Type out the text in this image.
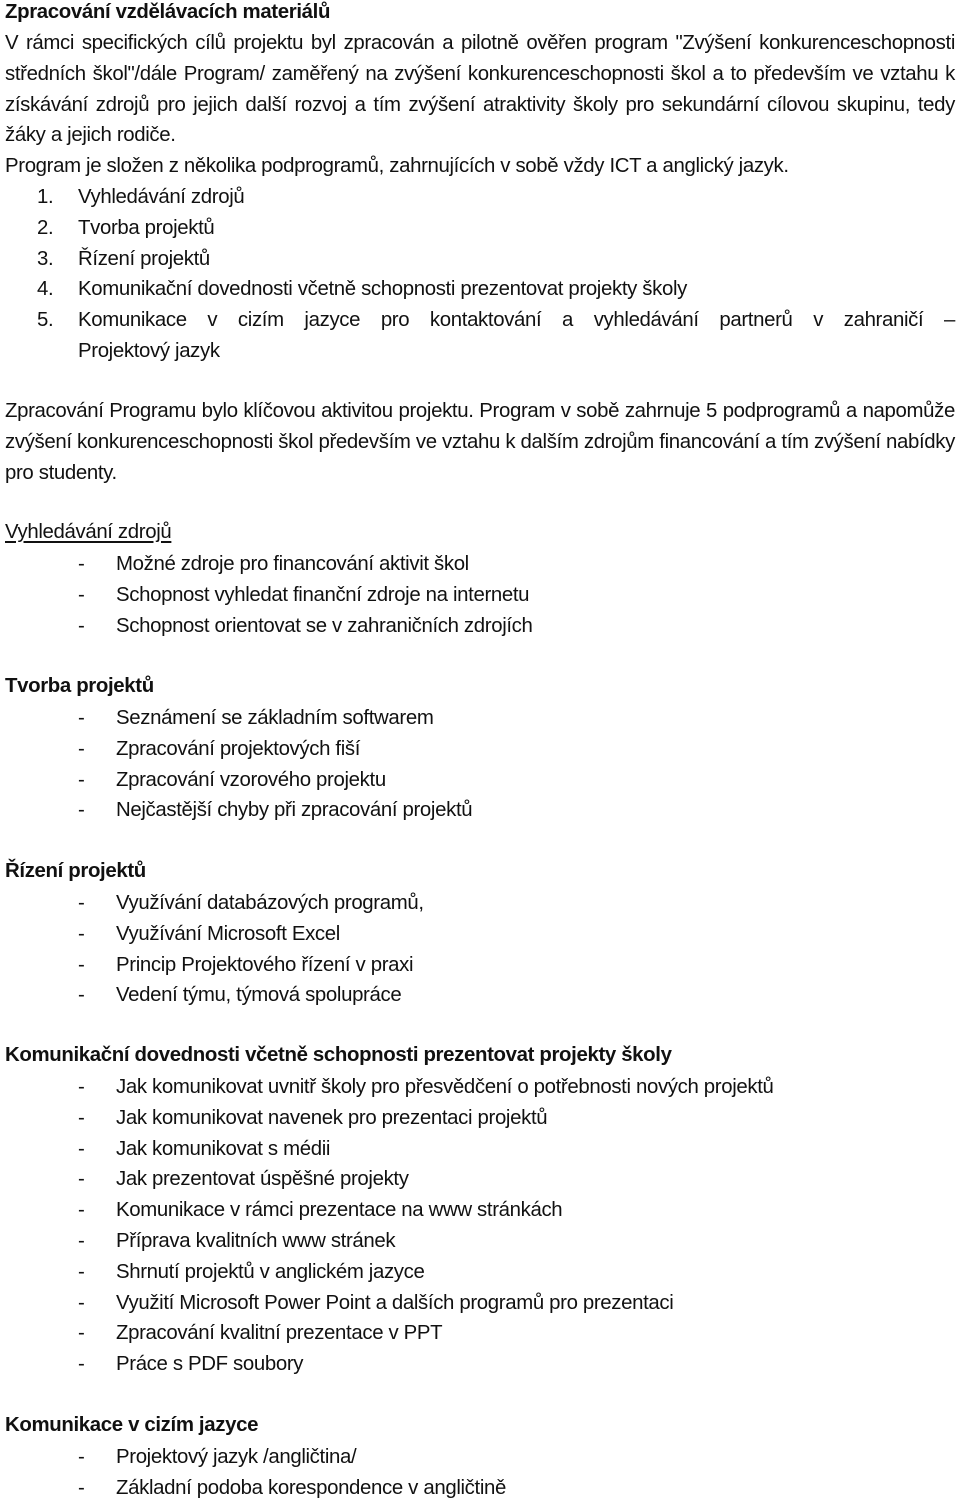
Zpracování vzdělávacích materiálů

V rámci specifických cílů projektu byl zpracován a pilotně ověřen program "Zvýšení konkurenceschopnosti středních škol"/dále Program/ zaměřený na zvýšení konkurenceschopnosti škol a to především ve vztahu k získávání zdrojů pro jejich další rozvoj a tím zvýšení atraktivity školy pro sekundární cílovou skupinu, tedy žáky a jejich rodiče.

Program je složen z několika podprogramů, zahrnujících v sobě vždy ICT a anglický jazyk.

1. Vyhledávání zdrojů
2. Tvorba projektů
3. Řízení projektů
4. Komunikační dovednosti včetně schopnosti prezentovat projekty školy
5. Komunikace v cizím jazyce pro kontaktování a vyhledávání partnerů v zahraničí –
Projektový jazyk

Zpracování Programu bylo klíčovou aktivitou projektu. Program v sobě zahrnuje 5 podprogramů a napomůže zvýšení konkurenceschopnosti škol především ve vztahu k dalším zdrojům financování a tím zvýšení nabídky pro studenty.

Vyhledávání zdrojů
- Možné zdroje pro financování aktivit škol
- Schopnost vyhledat finanční zdroje na internetu
- Schopnost orientovat se v zahraničních zdrojích
Tvorba projektů
- Seznámení se základním softwarem
- Zpracování projektových fiší
- Zpracování vzorového projektu
- Nejčastější chyby při zpracování projektů
Řízení projektů
- Využívání databázových programů,
- Využívání Microsoft Excel
- Princip Projektového řízení v praxi
- Vedení týmu, týmová spolupráce
Komunikační dovednosti včetně schopnosti prezentovat projekty školy
- Jak komunikovat uvnitř školy pro přesvědčení o potřebnosti nových projektů
- Jak komunikovat navenek pro prezentaci projektů
- Jak komunikovat s médii
- Jak prezentovat úspěšné projekty
- Komunikace v rámci prezentace na www stránkách
- Příprava kvalitních www stránek
- Shrnutí projektů v anglickém jazyce
- Využití Microsoft Power Point a dalších programů pro prezentaci
- Zpracování kvalitní prezentace v PPT
- Práce s PDF soubory
Komunikace v cizím jazyce
- Projektový jazyk /angličtina/
- Základní podoba korespondence v angličtině
